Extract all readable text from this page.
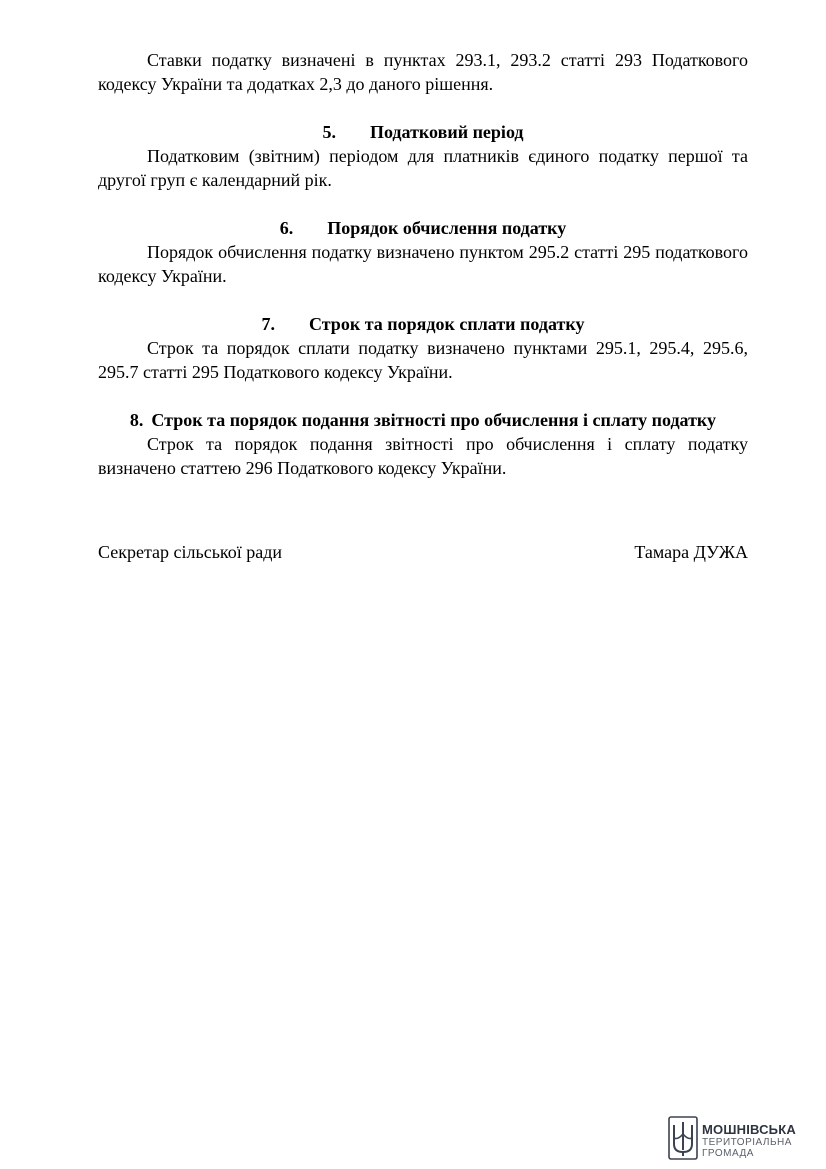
Ставки податку визначені в пунктах 293.1, 293.2 статті 293 Податкового кодексу України та додатках 2,3 до даного рішення.

5. Податковий період

Податковим (звітним) періодом для платників єдиного податку першої та другої груп є календарний рік.

6. Порядок обчислення податку

Порядок обчислення податку визначено пунктом 295.2 статті 295 податкового кодексу України.

7. Строк та порядок сплати податку

Строк та порядок сплати податку визначено пунктами 295.1, 295.4, 295.6, 295.7 статті 295 Податкового кодексу України.

8. Строк та порядок подання звітності про обчислення і сплату податку

Строк та порядок подання звітності про обчислення і сплату податку визначено статтею 296 Податкового кодексу України.

Секретар сільської ради	Тамара ДУЖА
МОШНІВСЬКА
ТЕРИТОРІАЛЬНА
ГРОМАДА
